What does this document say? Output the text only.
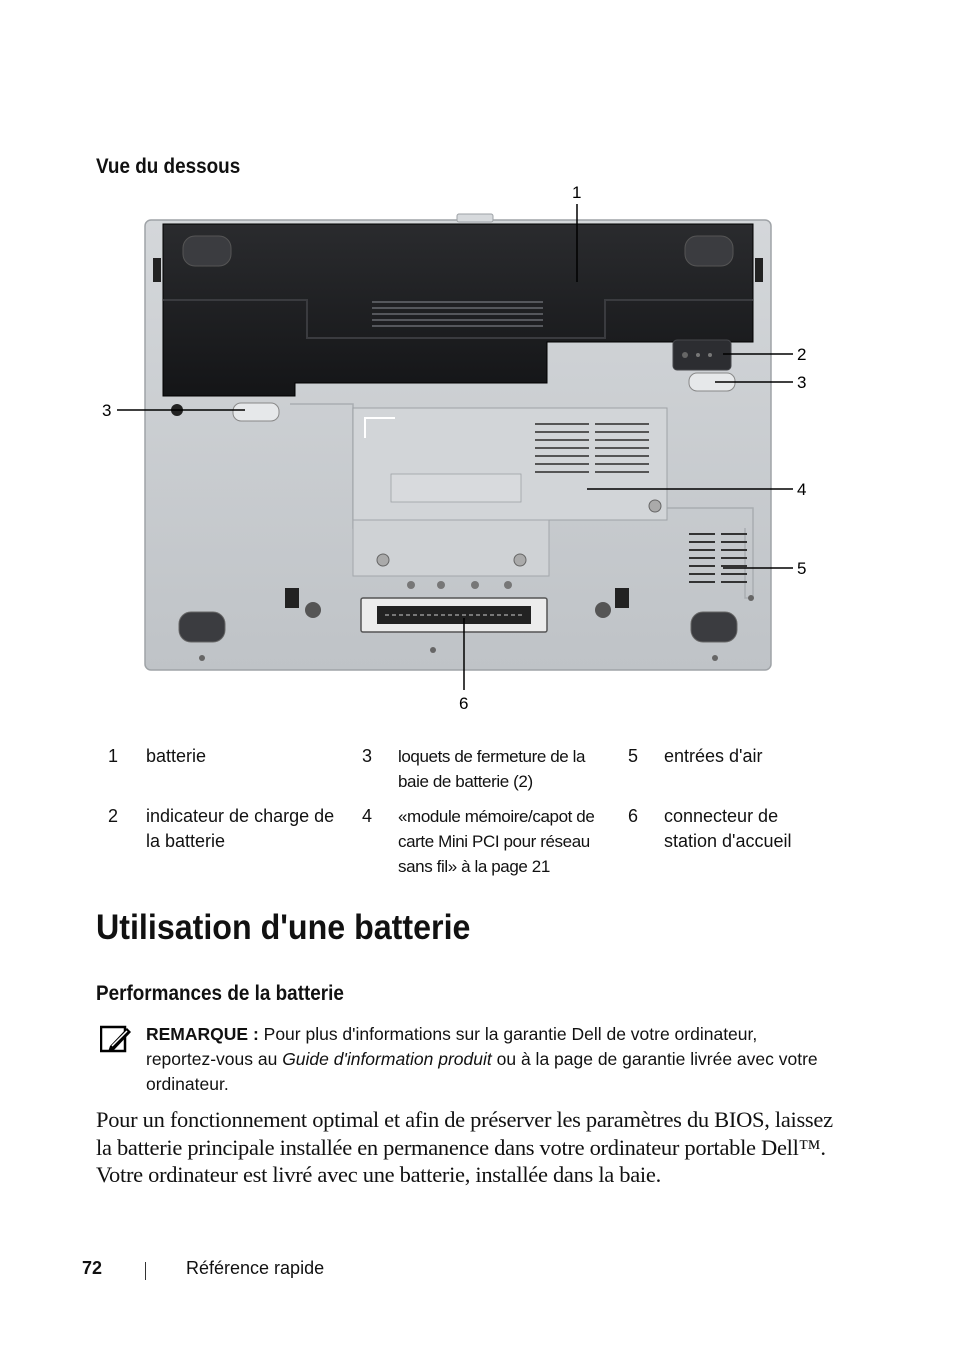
Vue du dessous
1
2
3
3
4
5
6
1	batterie	3	loquets de fermeture de la baie de batterie (2)	5	entrées d'air
2	indicateur de charge de la batterie	4	«module mémoire/capot de carte Mini PCI pour réseau sans fil» à la page 21	6	connecteur de station d'accueil
Utilisation d'une batterie
Performances de la batterie
REMARQUE : Pour plus d'informations sur la garantie Dell de votre ordinateur, reportez-vous au Guide d'information produit ou à la page de garantie livrée avec votre ordinateur.

Pour un fonctionnement optimal et afin de préserver les paramètres du BIOS, laissez la batterie principale installée en permanence dans votre ordinateur portable Dell™. Votre ordinateur est livré avec une batterie, installée dans la baie.

72	Référence rapide
